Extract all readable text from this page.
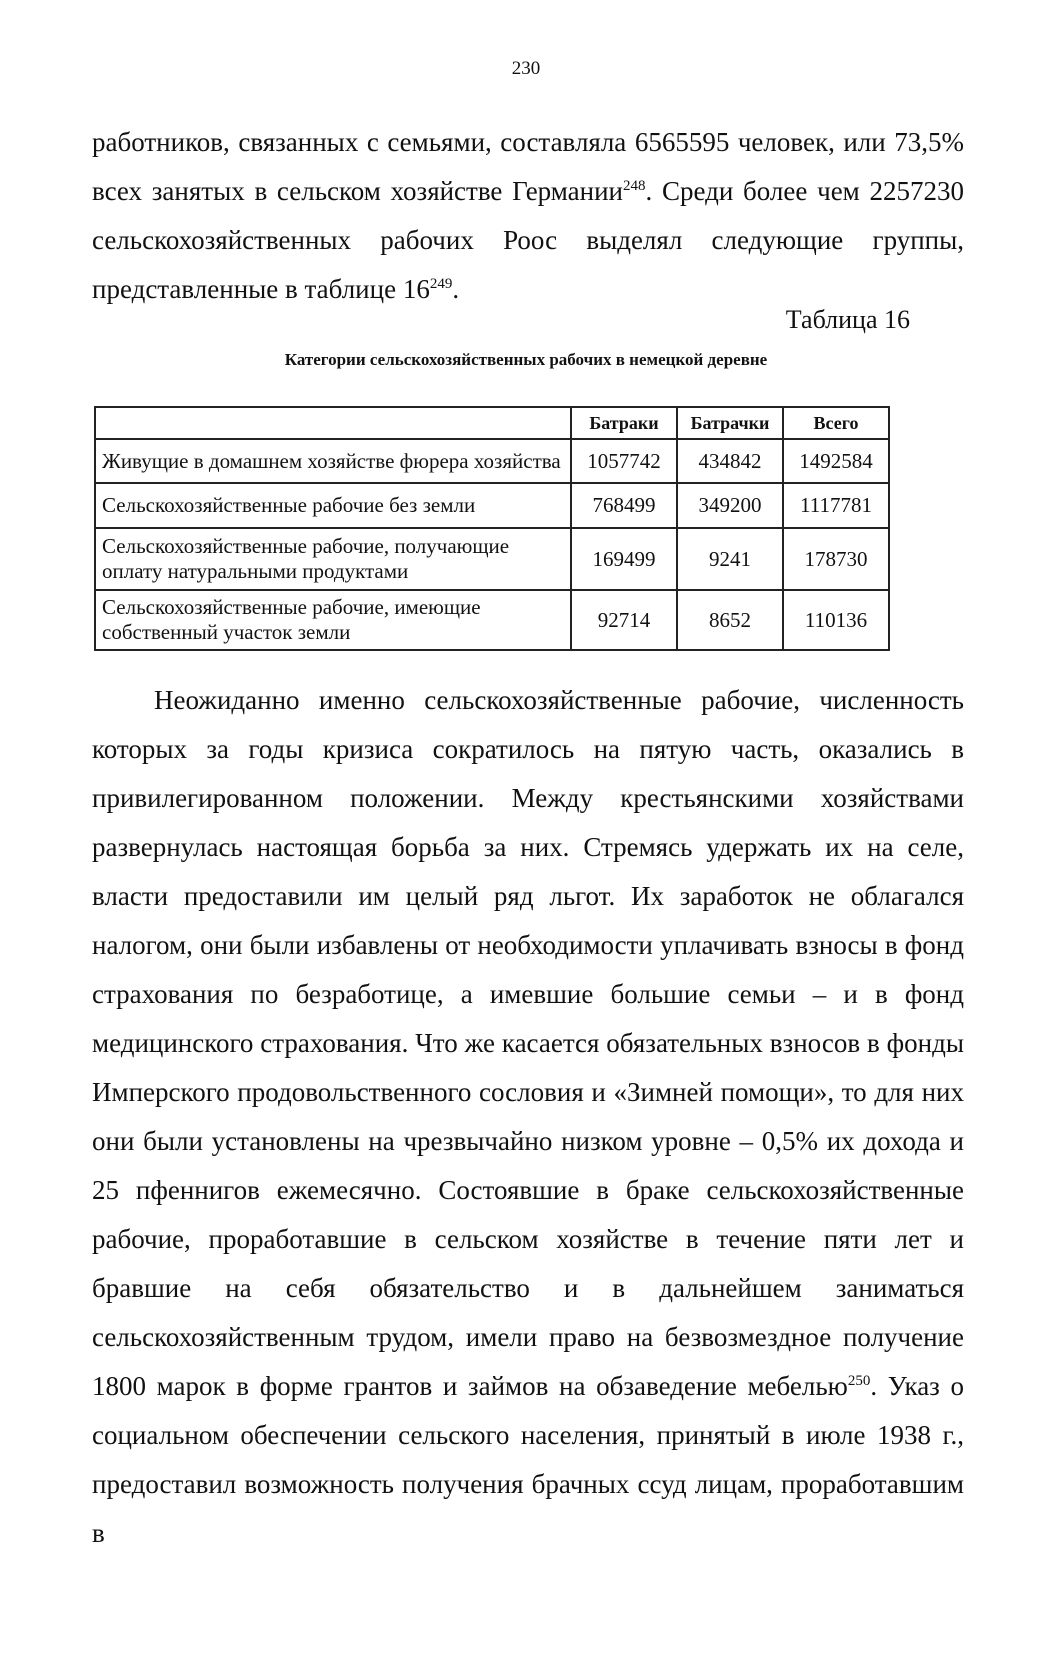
230

работников, связанных с семьями, составляла 6565595 человек, или 73,5% всех занятых в сельском хозяйстве Германии$^{248}$. Среди более чем 2257230 сельскохозяйственных рабочих Роос выделял следующие группы, представленные в таблице $16^{249}$.

Таблица 16
Категории сельскохозяйственных рабочих в немецкой деревне
	Батраки	Батрачки	Всего
Живущие в домашнем хозяйстве фюрера хозяйства	1057742	434842	1492584
Сельскохозяйственные рабочие без земли	768499	349200	1117781
Сельскохозяйственные рабочие, получающие оплату натуральными продуктами	169499	9241	178730
Сельскохозяйственные рабочие, имеющие собственный участок земли	92714	8652	110136

Неожиданно именно сельскохозяйственные рабочие, численность которых за годы кризиса сократилось на пятую часть, оказались в привилегированном положении. Между крестьянскими хозяйствами развернулась настоящая борьба за них. Стремясь удержать их на селе, власти предоставили им целый ряд льгот. Их заработок не облагался налогом, они были избавлены от необходимости уплачивать взносы в фонд страхования по безработице, а имевшие большие семьи – и в фонд медицинского страхования. Что же касается обязательных взносов в фонды Имперского продовольственного сословия и «Зимней помощи», то для них они были установлены на чрезвычайно низком уровне – 0,5% их дохода и 25 пфеннигов ежемесячно. Состоявшие в браке сельскохозяйственные рабочие, проработавшие в сельском хозяйстве в течение пяти лет и бравшие на себя обязательство и в дальнейшем заниматься сельскохозяйственным трудом, имели право на безвозмездное получение 1800 марок в форме грантов и займов на обзаведение мебелью$^{250}$. Указ о социальном обеспечении сельского населения, принятый в июле 1938 г., предоставил возможность получения брачных ссуд лицам, проработавшим в
